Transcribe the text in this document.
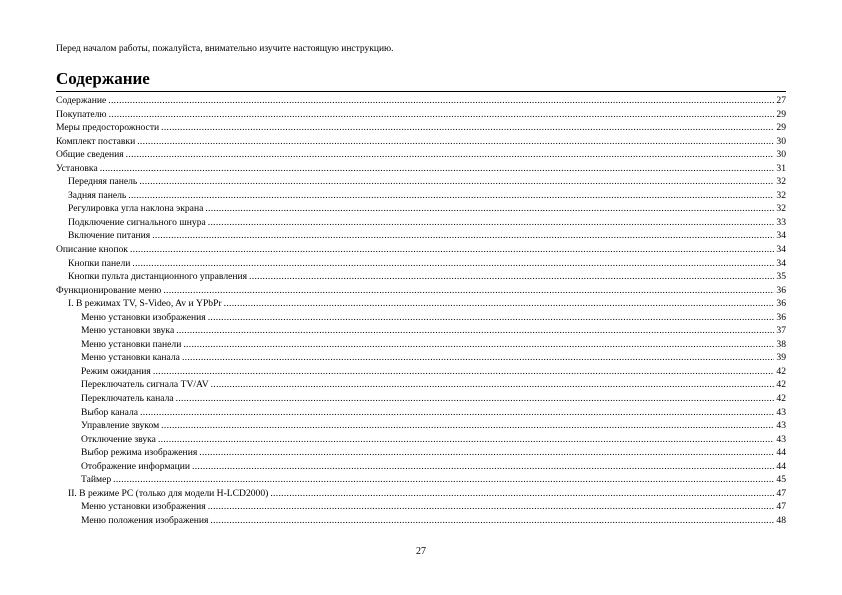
Перед началом работы, пожалуйста, внимательно изучите настоящую инструкцию.
Содержание
Содержание .....	27
Покупателю .....	29
Меры предосторожности .....	29
Комплект поставки .....	30
Общие сведения .....	30
Установка .....	31
Передняя панель .....	32
Задняя панель .....	32
Регулировка угла наклона экрана .....	32
Подключение сигнального шнура .....	33
Включение питания .....	34
Описание кнопок .....	34
Кнопки панели .....	34
Кнопки пульта дистанционного управления .....	35
Функционирование меню .....	36
I. В режимах TV, S-Video, Av и YPbPr .....	36
Меню установки изображения .....	36
Меню установки звука .....	37
Меню установки панели .....	38
Меню установки канала .....	39
Режим ожидания .....	42
Переключатель сигнала TV/AV .....	42
Переключатель канала .....	42
Выбор канала .....	43
Управление звуком .....	43
Отключение звука .....	43
Выбор режима изображения .....	44
Отображение информации .....	44
Таймер .....	45
II. В режиме PC (только для модели H-LCD2000) .....	47
Меню установки изображения .....	47
Меню положения изображения .....	48
27
